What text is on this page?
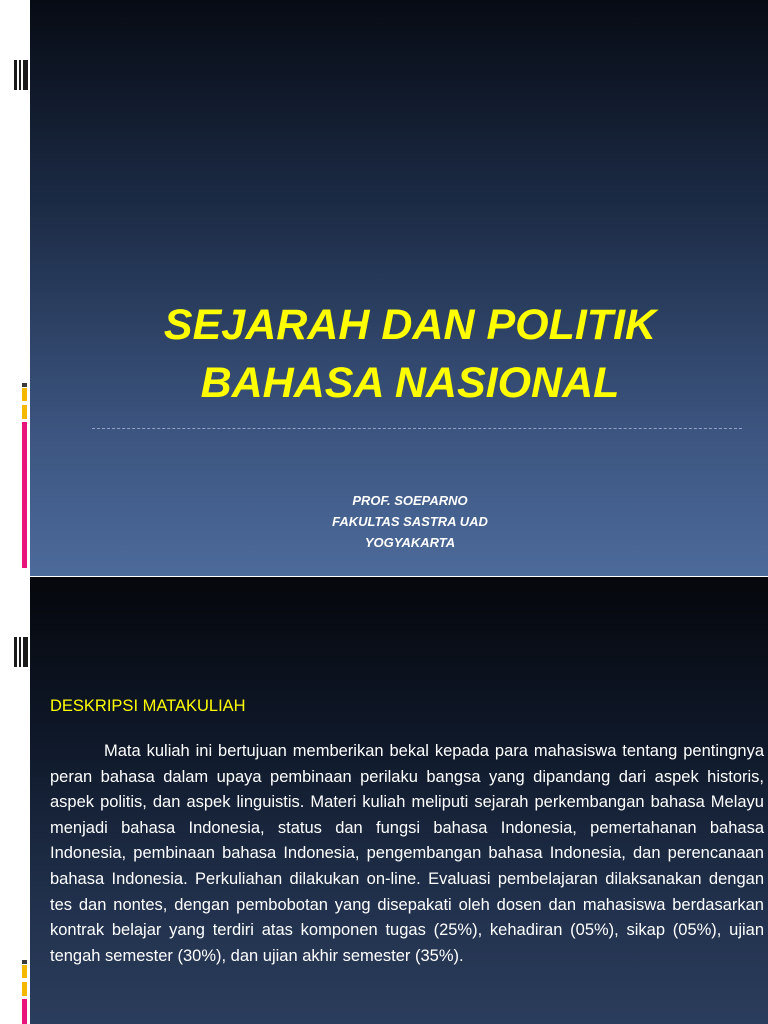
SEJARAH DAN POLITIK
BAHASA NASIONAL
PROF. SOEPARNO
FAKULTAS SASTRA UAD
YOGYAKARTA
DESKRIPSI MATAKULIAH

Mata kuliah ini bertujuan memberikan bekal kepada para mahasiswa tentang pentingnya peran bahasa dalam upaya pembinaan perilaku bangsa yang dipandang dari aspek historis, aspek politis, dan aspek linguistis. Materi kuliah meliputi sejarah perkembangan bahasa Melayu menjadi bahasa Indonesia, status dan fungsi bahasa Indonesia, pemertahanan bahasa Indonesia, pembinaan bahasa Indonesia, pengembangan bahasa Indonesia, dan perencanaan bahasa Indonesia. Perkuliahan dilakukan on-line. Evaluasi pembelajaran dilaksanakan dengan tes dan nontes, dengan pembobotan yang disepakati oleh dosen dan mahasiswa berdasarkan kontrak belajar yang terdiri atas komponen tugas (25%), kehadiran (05%), sikap (05%), ujian tengah semester (30%), dan ujian akhir semester (35%).
